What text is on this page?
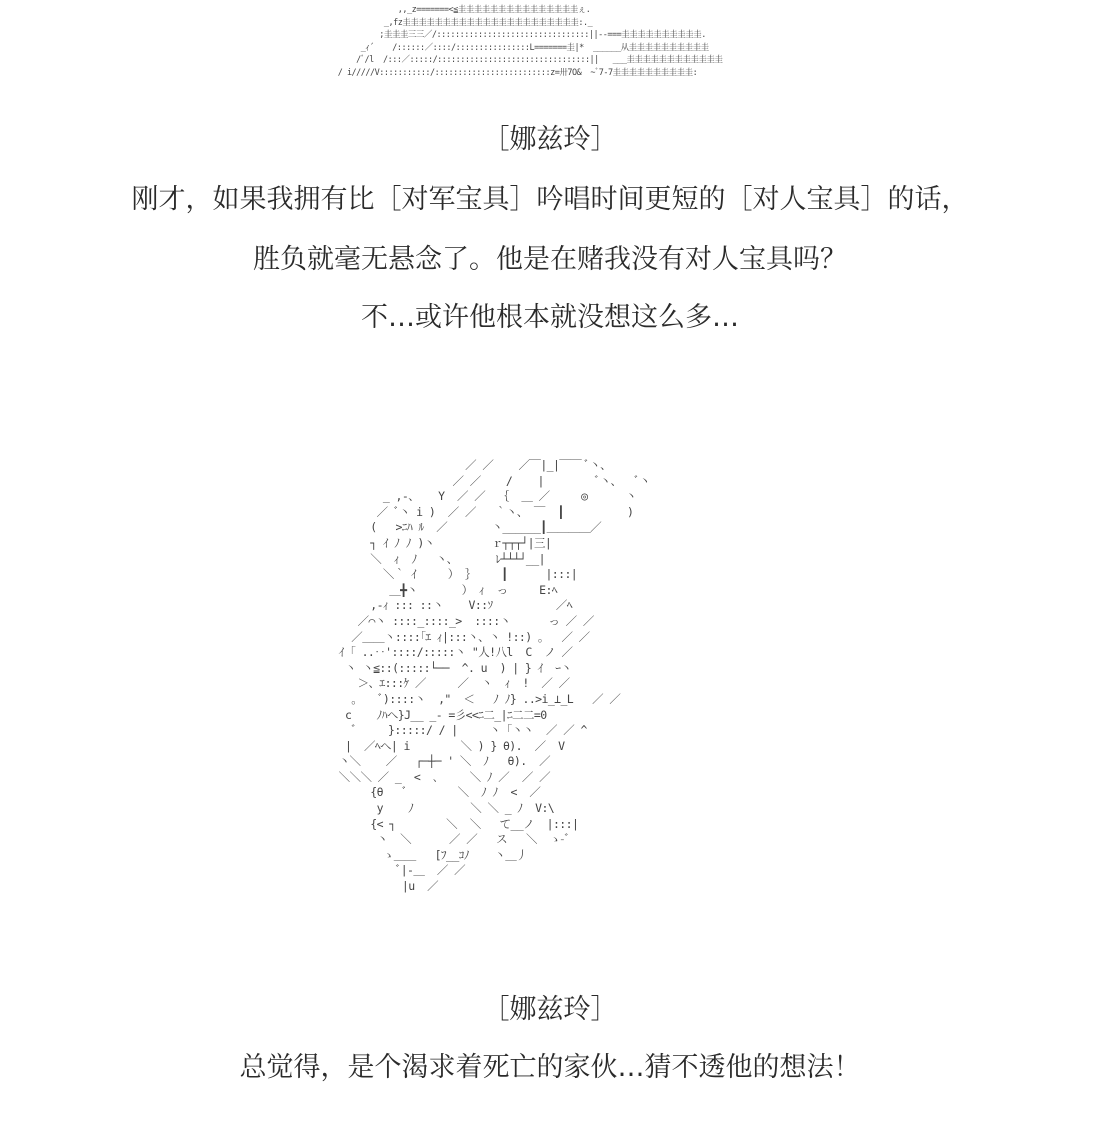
,,_z=======<≦圭圭圭圭圭圭圭圭圭圭圭圭圭圭圭ぇ.
_,fz圭圭圭圭圭圭圭圭圭圭圭圭圭圭圭圭圭圭圭圭圭圭:._
;圭圭圭三三／/:::::::::::::::::::::::::::::::::||--===圭圭圭圭圭圭圭圭圭圭.
_ｨ´    /::::::／::::/::::::::::::::::L=======圭|*  ______从圭圭圭圭圭圭圭圭圭圭
/ﾞ/l  /:::／:::::/:::::::::::::::::::::::::::::::::||   ___圭圭圭圭圭圭圭圭圭圭圭圭
/ i/////V:::::::::::/:::::::::::::::::::::::::z=卅7O&  ~ﾞ7-7圭圭圭圭圭圭圭圭圭圭:

［娜兹玲］

刚才，如果我拥有比［对军宝具］吟唱时间更短的［对人宝具］的话，

胜负就毫无悬念了。他是在赌我没有对人宝具吗？

不…或许他根本就没想这么多…

／ ／    ／￣|_|￣￣ ﾞ丶、
／ ／    /    |        ﾞ丶、  ﾞ丶
_ ,-、   Y  ／ ／  ｛  ＿ ／     ◎      丶
／ ﾞ丶 i )  ／ ／   ｀丶、 ￣  ┃          )
(   >ﾆﾊ ﾙ  ／       丶______┃＿＿＿＿／
┐ ｲ ﾉ ﾉ )丶         ｒ┬┬┬┘|三|
＼  ｨ  ﾉ   丶、      ﾚ┴┴┴┘__|
＼｀ ｲ     ） ｝    ┃      |:::|
＿╋丶       ） ｨ  っ     E:ﾍ
,-ｨ ::: ::丶    V::ｿ          ／ﾍ
／⌒丶 ::::_::::_>  ::::丶      っ ／ ／
／＿＿丶::::｢ｴ ｨ|:::丶、丶 !::) 。  ／ ／
ｲ ｢ ..‥'::::/:::::丶 "人!八l  C  ノ ／
丶 丶≦::(:::::└──  ^. u  ) | } ｲ  ｰ丶
＞、ｴ:::ｹ ／     ／  丶  ｨ  !  ／ ／
。   ﾞ)::::丶  ,"  ＜   ﾉ ﾉ} ..>i_⊥_L   ／ ／
c    ﾉﾊへ}J__ _- =彡<<ﾆ二_|ﾆ二二=0
ﾞ     }:::::/ / |     丶 ｢丶丶  ／ ／ ^
|  ／ﾍへ| i        ＼ ) } θ).  ／  V
丶＼    ／   ┌─┼─ ' ＼  ﾉ   θ).  ／
＼＼＼ ／ _  <  ､     ＼ ﾉ ／  ／ ／
{θ   ﾞ        ＼  ﾉ ﾉ  <  ／
y    ﾉ         ＼ ＼ _ ﾉ  V:\
{< ┐        ＼  ＼   て__ノ  |:::|
丶  ＼      ／ ／   ス   ＼  ゝ-ﾞ
ゝ＿＿   [ﾌ__ｺﾉ    丶＿丿
ﾞ|-＿  ／ ／
|u  ／

［娜兹玲］

总觉得，是个渴求着死亡的家伙…猜不透他的想法！
